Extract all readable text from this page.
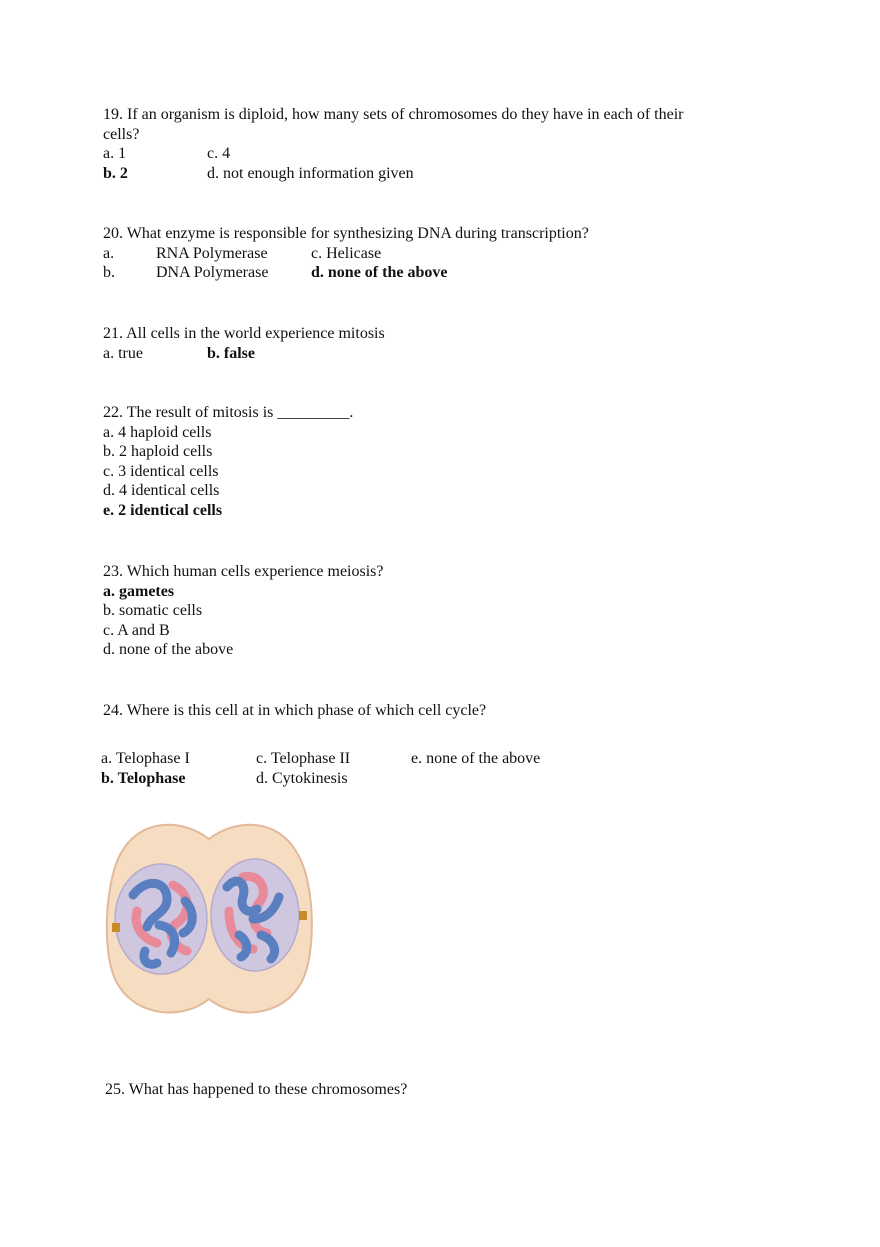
19. If an organism is diploid, how many sets of chromosomes do they have in each of their
cells?
a. 1	c. 4
b. 2	d. not enough information given
20. What enzyme is responsible for synthesizing DNA during transcription?
a.	RNA Polymerase	c. Helicase
b.	DNA Polymerase	d. none of the above
21. All cells in the world experience mitosis
a. true	b. false
22. The result of mitosis is _________.
a. 4 haploid cells
b. 2 haploid cells
c. 3 identical cells
d. 4 identical cells
e. 2 identical cells
23. Which human cells experience meiosis?
a. gametes
b. somatic cells
c. A and B
d. none of the above
24. Where is this cell at in which phase of which cell cycle?
a. Telophase I	c. Telophase II	e. none of the above
b. Telophase	d. Cytokinesis
25. What has happened to these chromosomes?
